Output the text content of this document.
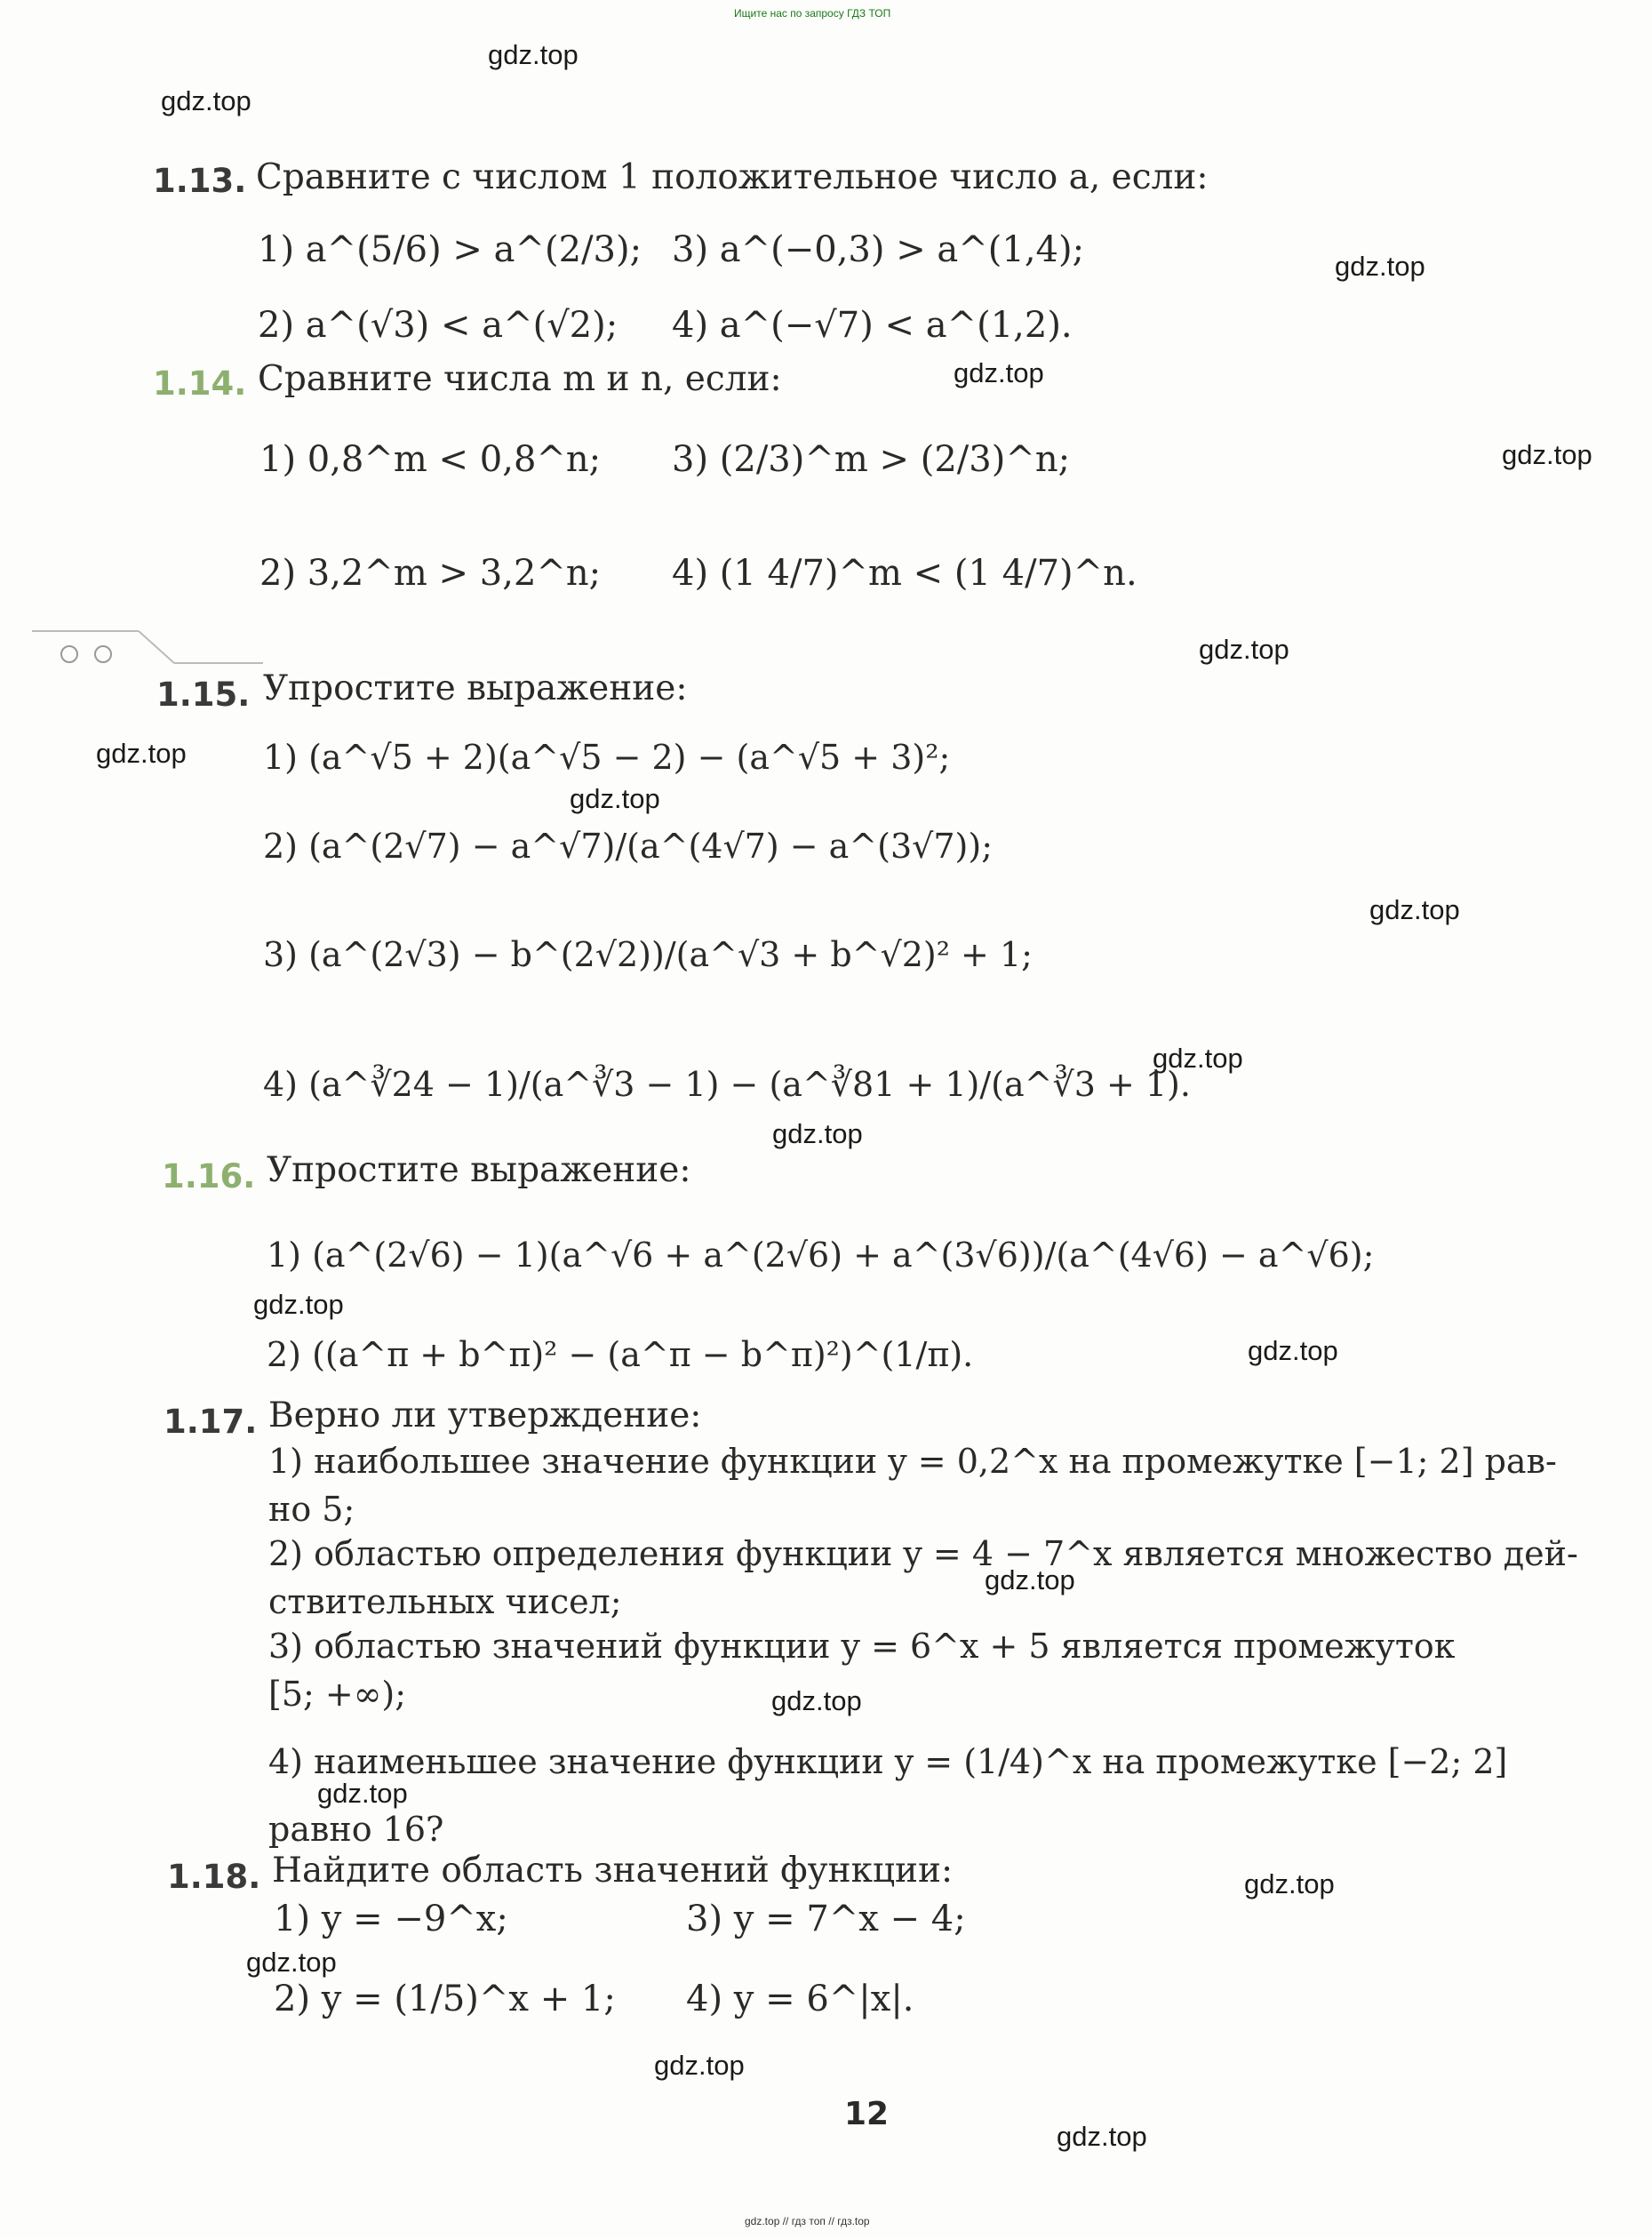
Ищите нас по запросу ГДЗ ТОП
gdz.top // гдз топ // гдз.top
gdz.top
gdz.top
gdz.top
gdz.top
gdz.top
gdz.top
gdz.top
gdz.top
gdz.top
gdz.top
gdz.top
gdz.top
gdz.top
gdz.top
gdz.top
gdz.top
gdz.top
gdz.top
gdz.top
gdz.top
1.13. Сравните с числом 1 положительное число a, если:
1) a^(5/6) > a^(2/3); 3) a^(−0,3) > a^(1,4);
2) a^(√3) < a^(√2); 4) a^(−√7) < a^(1,2).
1.14. Сравните числа m и n, если:
1) 0,8^m < 0,8^n; 3) (2/3)^m > (2/3)^n;
2) 3,2^m > 3,2^n; 4) (1 4/7)^m < (1 4/7)^n.
1.15. Упростите выражение:
1) (a^√5 + 2)(a^√5 − 2) − (a^√5 + 3)²;
2) (a^(2√7) − a^√7)/(a^(4√7) − a^(3√7));
3) (a^(2√3) − b^(2√2))/(a^√3 + b^√2)² + 1;
4) (a^∛24 − 1)/(a^∛3 − 1) − (a^∛81 + 1)/(a^∛3 + 1).
1.16. Упростите выражение:
1) (a^(2√6) − 1)(a^√6 + a^(2√6) + a^(3√6))/(a^(4√6) − a^√6);
2) ((a^π + b^π)² − (a^π − b^π)²)^(1/π).
1.17. Верно ли утверждение:
1) наибольшее значение функции y = 0,2^x на промежутке [−1; 2] рав-
но 5;
2) областью определения функции y = 4 − 7^x является множество дей-
ствительных чисел;
3) областью значений функции y = 6^x + 5 является промежуток
[5; +∞);
4) наименьшее значение функции y = (1/4)^x на промежутке [−2; 2]
равно 16?
1.18. Найдите область значений функции:
1) y = −9^x;	3) y = 7^x − 4;
2) y = (1/5)^x + 1; 4) y = 6^|x|.
12
